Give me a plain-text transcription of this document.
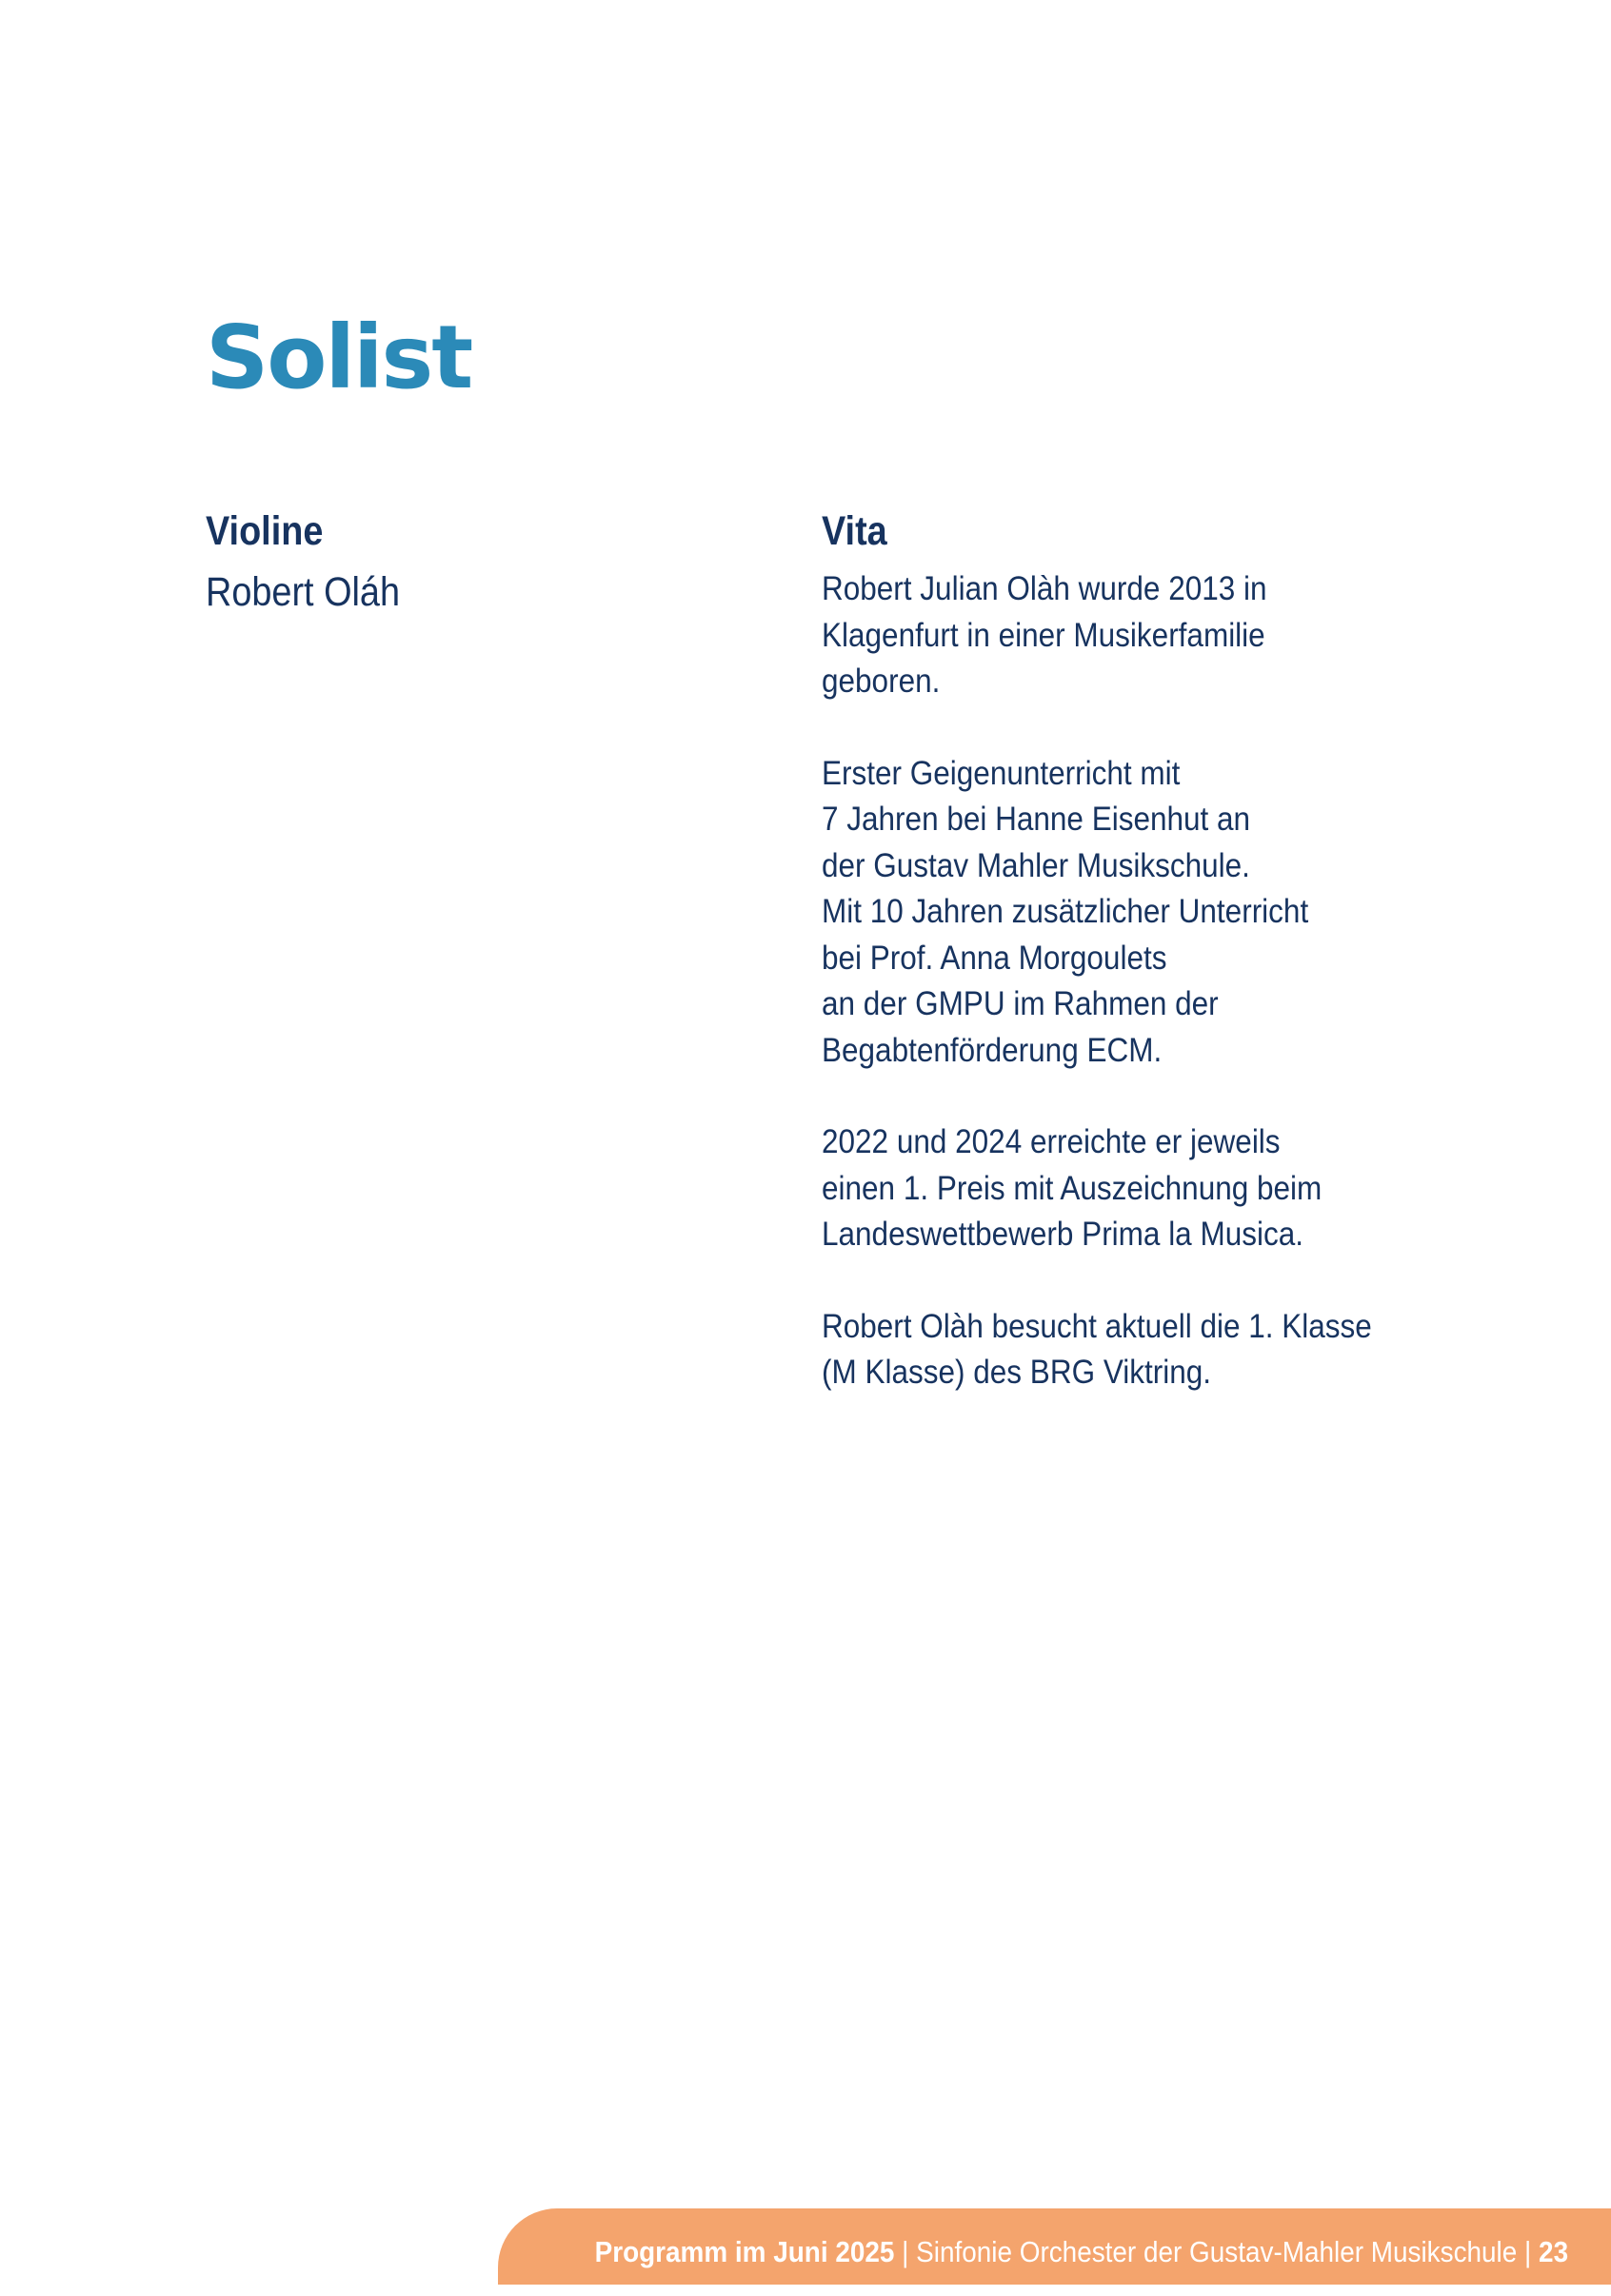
Solist
Violine

Robert Oláh

Vita

Robert Julian Olàh wurde 2013 in
Klagenfurt in einer Musikerfamilie
geboren.

Erster Geigenunterricht mit
7 Jahren bei Hanne Eisenhut an
der Gustav Mahler Musikschule.
Mit 10 Jahren zusätzlicher Unterricht
bei Prof. Anna Morgoulets
an der GMPU im Rahmen der
Begabtenförderung ECM.

2022 und 2024 erreichte er jeweils
einen 1. Preis mit Auszeichnung beim
Landeswettbewerb Prima la Musica.

Robert Olàh besucht aktuell die 1. Klasse
(M Klasse) des BRG Viktring.

Programm im Juni 2025 | Sinfonie Orchester der Gustav-Mahler Musikschule | 23
